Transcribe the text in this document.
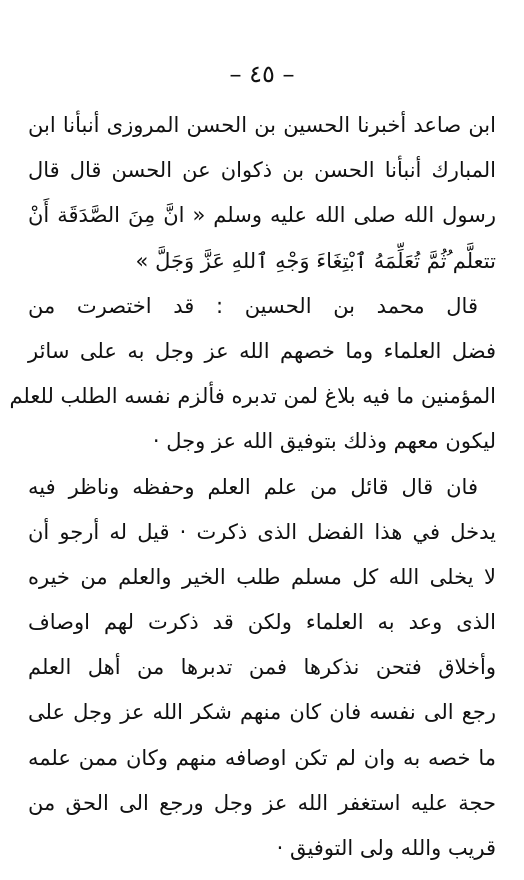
– ٤٥ –
ابن صاعد أخبرنا الحسين بن الحسن المروزى أنبأنا ابن
المبارك أنبأنا الحسن بن ذكوان عن الحسن قال قال
رسول الله صلى الله عليه وسلم « انَّ مِنَ الصَّدَقَة أَنْ
تتعلَّم ُثُمَّ تُعَلِّمَهُ ٱبْتِغَاءَ وَجْهِ ٱللهِ عَزَّ وَجَلَّ »
قال محمد بن الحسين : قد اختصرت من
فضل العلماء وما خصهم الله عز وجل به على سائر
المؤمنين ما فيه بلاغ لمن تدبره فألزم نفسه الطلب للعلم
ليكون معهم وذلك بتوفيق الله عز وجل ·
فان قال قائل من علم العلم وحفظه وناظر فيه
يدخل في هذا الفضل الذى ذكرت · قيل له أرجو أن
لا يخلى الله كل مسلم طلب الخير والعلم من خيره
الذى وعد به العلماء ولكن قد ذكرت لهم اوصاف
وأخلاق فتحن نذكرها فمن تدبرها من أهل العلم
رجع الى نفسه فان كان منهم شكر الله عز وجل على
ما خصه به وان لم تكن اوصافه منهم وكان ممن علمه
حجة عليه استغفر الله عز وجل ورجع الى الحق من
قريب والله ولى التوفيق ·
